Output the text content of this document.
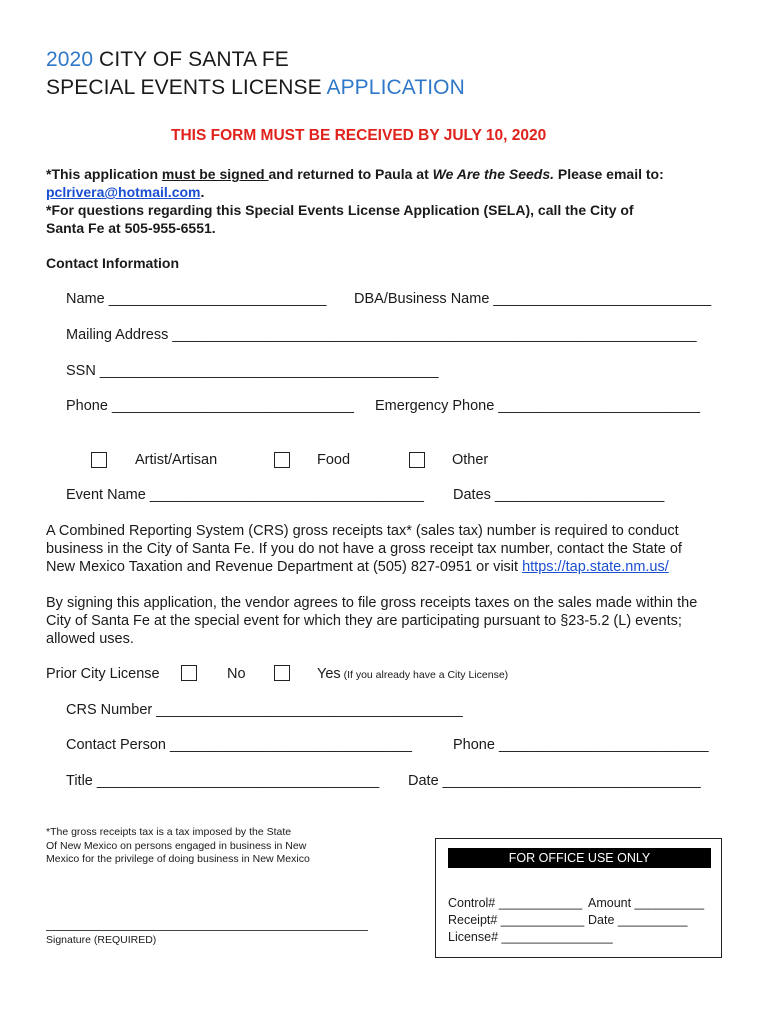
2020 CITY OF SANTA FE
SPECIAL EVENTS LICENSE APPLICATION
THIS FORM MUST BE RECEIVED BY JULY 10, 2020
*This application must be signed and returned to Paula at We Are the Seeds. Please email to:
pclrivera@hotmail.com.
*For questions regarding this Special Events License Application (SELA), call the City of
Santa Fe at 505-955-6551.
Contact Information
Name ___________________________ DBA/Business Name ___________________________
Mailing Address _________________________________________________________________
SSN __________________________________________
Phone ______________________________ Emergency Phone _________________________
Artist/Artisan	Food	Other
Event Name __________________________________ Dates _____________________
A Combined Reporting System (CRS) gross receipts tax* (sales tax) number is required to conduct
business in the City of Santa Fe. If you do not have a gross receipt tax number, contact the State of
New Mexico Taxation and Revenue Department at (505) 827-0951 or visit https://tap.state.nm.us/
By signing this application, the vendor agrees to file gross receipts taxes on the sales made within the
City of Santa Fe at the special event for which they are participating pursuant to §23-5.2 (L) events;
allowed uses.
Prior City License	No	Yes (If you already have a City License)
CRS Number ______________________________________
Contact Person ______________________________	Phone __________________________
Title ___________________________________ Date ________________________________
*The gross receipts tax is a tax imposed by the State
Of New Mexico on persons engaged in business in New
Mexico for the privilege of doing business in New Mexico
Signature (REQUIRED)
FOR OFFICE USE ONLY
Control# ____________ Amount __________
Receipt# ____________ Date __________
License# ________________
